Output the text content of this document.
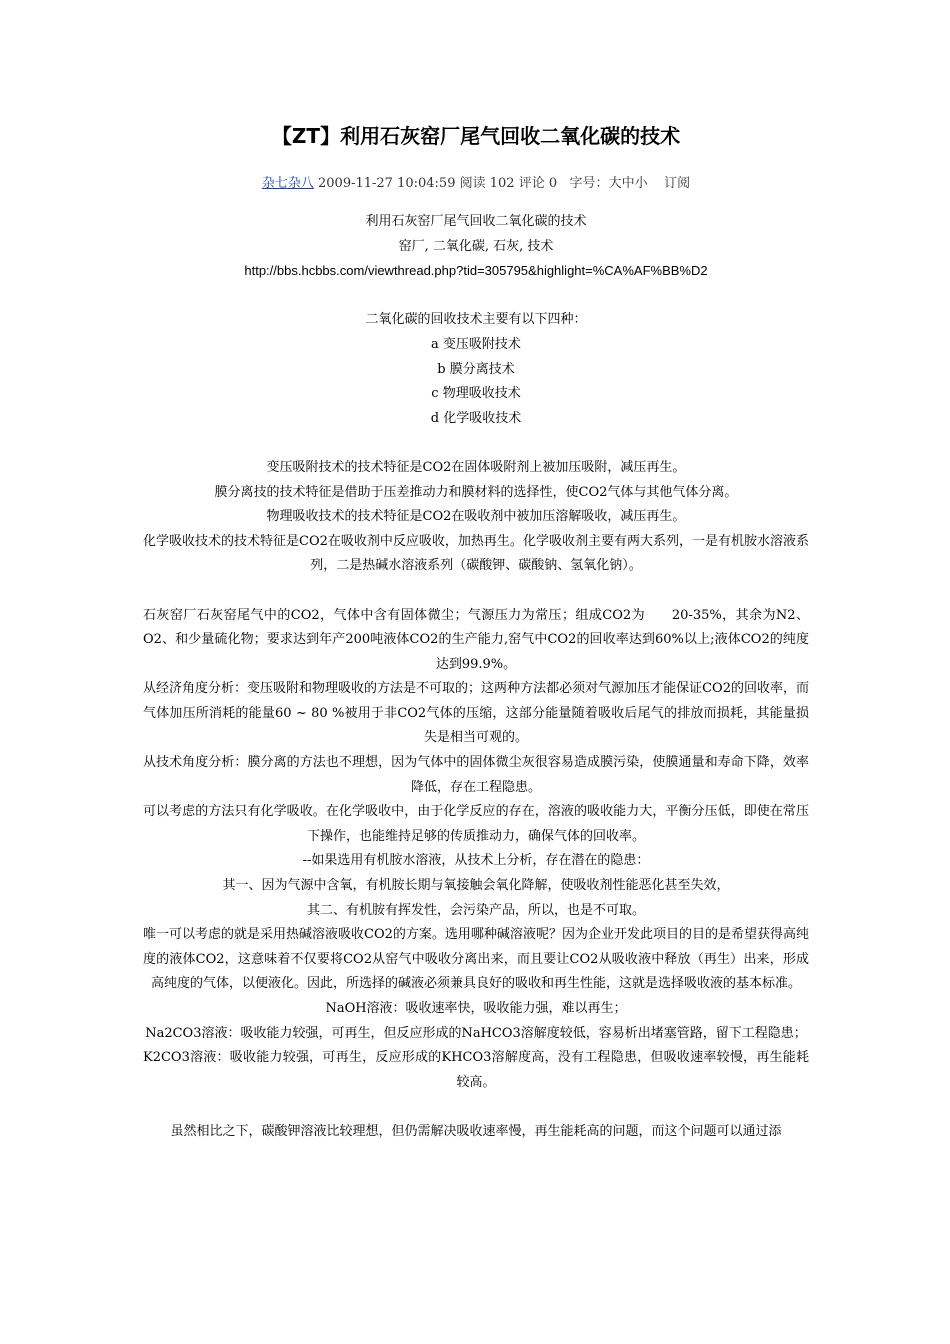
【ZT】利用石灰窑厂尾气回收二氧化碳的技术
杂七杂八 2009-11-27 10:04:59 阅读 102 评论 0 字号：大中小 订阅

利用石灰窑厂尾气回收二氧化碳的技术

窑厂, 二氧化碳, 石灰, 技术

http://bbs.hcbbs.com/viewthread.php?tid=305795&highlight=%CA%AF%BB%D2

二氧化碳的回收技术主要有以下四种：

a 变压吸附技术

b 膜分离技术

c 物理吸收技术

d 化学吸收技术

变压吸附技术的技术特征是CO2在固体吸附剂上被加压吸附，减压再生。

膜分离技的技术特征是借助于压差推动力和膜材料的选择性，使CO2气体与其他气体分离。

物理吸收技术的技术特征是CO2在吸收剂中被加压溶解吸收，减压再生。

化学吸收技术的技术特征是CO2在吸收剂中反应吸收，加热再生。化学吸收剂主要有两大系列，一是有机胺水溶液系列，二是热碱水溶液系列（碳酸钾、碳酸钠、氢氧化钠）。

石灰窑厂石灰窑尾气中的CO2，气体中含有固体微尘；气源压力为常压；组成CO2为　　20-35%，其余为N2、O2、和少量硫化物；要求达到年产200吨液体CO2的生产能力,窑气中CO2的回收率达到60%以上;液体CO2的纯度达到99.9%。

从经济角度分析：变压吸附和物理吸收的方法是不可取的；这两种方法都必须对气源加压才能保证CO2的回收率，而气体加压所消耗的能量60 ~ 80 %被用于非CO2气体的压缩，这部分能量随着吸收后尾气的排放而损耗，其能量损失是相当可观的。

从技术角度分析：膜分离的方法也不理想，因为气体中的固体微尘灰很容易造成膜污染，使膜通量和寿命下降，效率降低，存在工程隐患。

可以考虑的方法只有化学吸收。在化学吸收中，由于化学反应的存在，溶液的吸收能力大，平衡分压低，即使在常压下操作，也能维持足够的传质推动力，确保气体的回收率。

--如果选用有机胺水溶液，从技术上分析，存在潜在的隐患：

其一、因为气源中含氧，有机胺长期与氧接触会氧化降解，使吸收剂性能恶化甚至失效，

其二、有机胺有挥发性，会污染产品，所以，也是不可取。

唯一可以考虑的就是采用热碱溶液吸收CO2的方案。选用哪种碱溶液呢？因为企业开发此项目的目的是希望获得高纯度的液体CO2，这意味着不仅要将CO2从窑气中吸收分离出来，而且要让CO2从吸收液中释放（再生）出来，形成高纯度的气体，以便液化。因此，所选择的碱液必须兼具良好的吸收和再生性能，这就是选择吸收液的基本标准。

NaOH溶液：吸收速率快，吸收能力强，难以再生；

Na2CO3溶液：吸收能力较强，可再生，但反应形成的NaHCO3溶解度较低，容易析出堵塞管路，留下工程隐患；

K2CO3溶液：吸收能力较强，可再生，反应形成的KHCO3溶解度高，没有工程隐患，但吸收速率较慢，再生能耗较高。

虽然相比之下，碳酸钾溶液比较理想，但仍需解决吸收速率慢，再生能耗高的问题，而这个问题可以通过添
